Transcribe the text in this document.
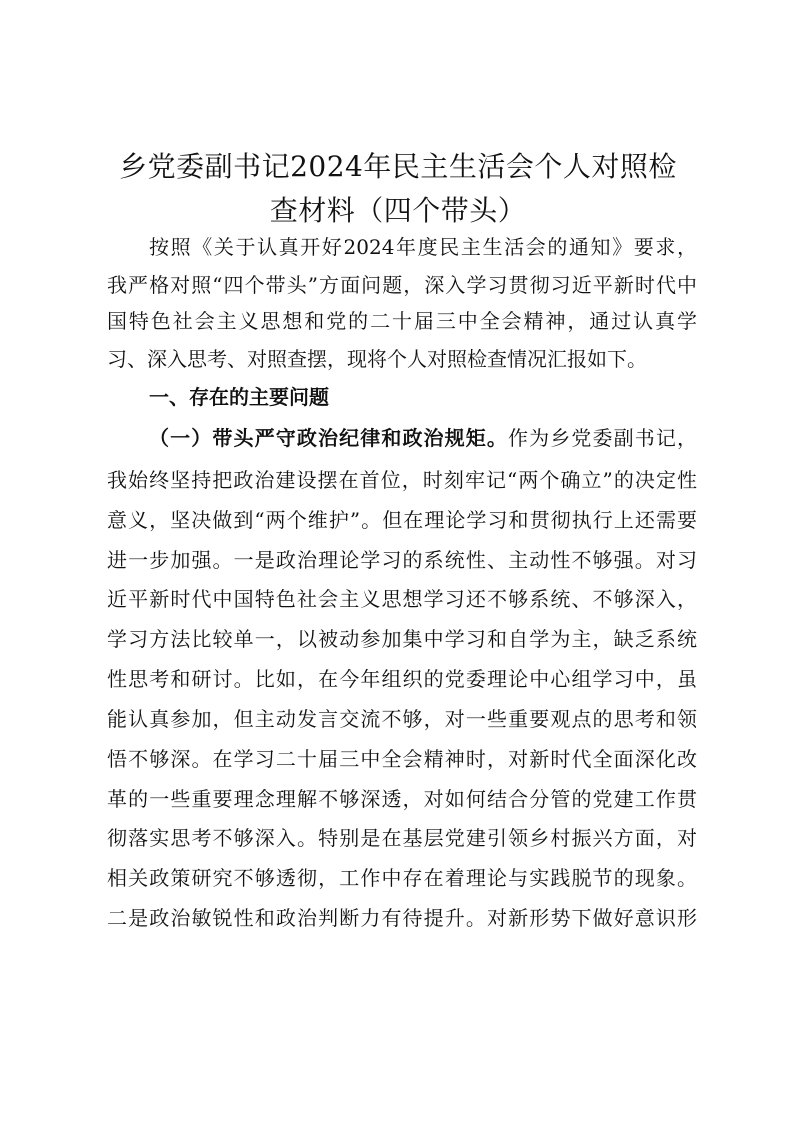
乡党委副书记2024年民主生活会个人对照检
查材料（四个带头）
按照《关于认真开好2024年度民主生活会的通知》要求，
我严格对照“四个带头”方面问题，深入学习贯彻习近平新时代中
国特色社会主义思想和党的二十届三中全会精神，通过认真学
习、深入思考、对照查摆，现将个人对照检查情况汇报如下。
一、存在的主要问题
（一）带头严守政治纪律和政治规矩。作为乡党委副书记，
我始终坚持把政治建设摆在首位，时刻牢记“两个确立”的决定性
意义，坚决做到“两个维护”。但在理论学习和贯彻执行上还需要
进一步加强。一是政治理论学习的系统性、主动性不够强。对习
近平新时代中国特色社会主义思想学习还不够系统、不够深入，
学习方法比较单一，以被动参加集中学习和自学为主，缺乏系统
性思考和研讨。比如，在今年组织的党委理论中心组学习中，虽
能认真参加，但主动发言交流不够，对一些重要观点的思考和领
悟不够深。在学习二十届三中全会精神时，对新时代全面深化改
革的一些重要理念理解不够深透，对如何结合分管的党建工作贯
彻落实思考不够深入。特别是在基层党建引领乡村振兴方面，对
相关政策研究不够透彻，工作中存在着理论与实践脱节的现象。
二是政治敏锐性和政治判断力有待提升。对新形势下做好意识形
